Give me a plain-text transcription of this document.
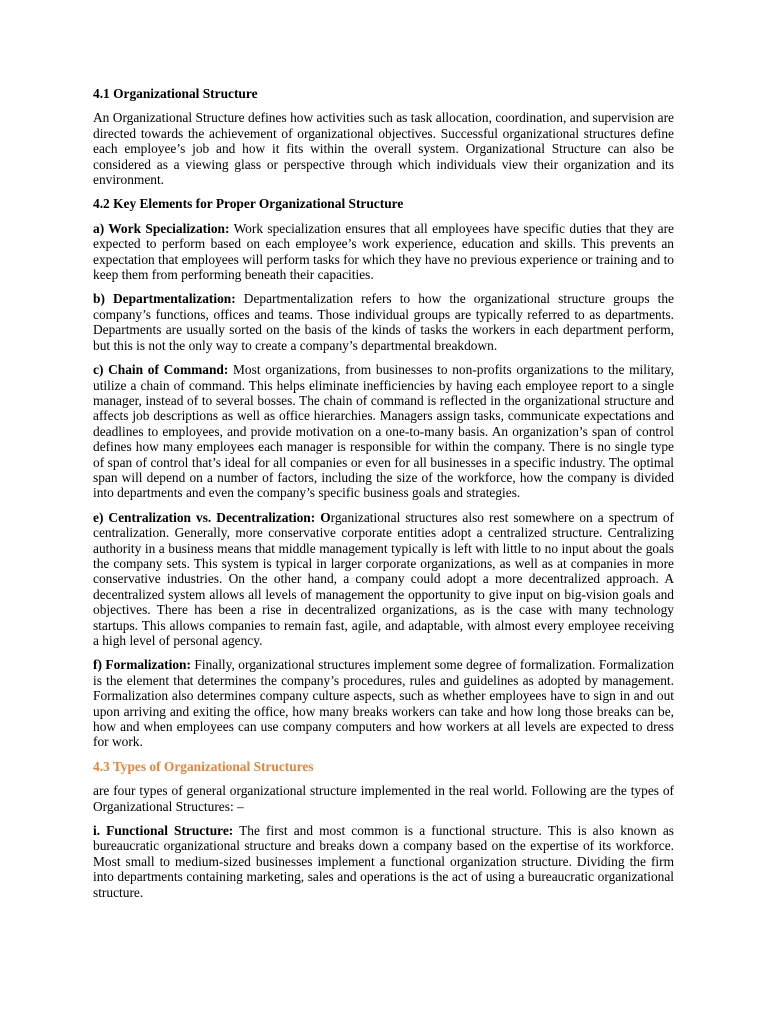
4.1 Organizational Structure

An Organizational Structure defines how activities such as task allocation, coordination, and supervision are directed towards the achievement of organizational objectives. Successful organizational structures define each employee’s job and how it fits within the overall system. Organizational Structure can also be considered as a viewing glass or perspective through which individuals view their organization and its environment.

4.2 Key Elements for Proper Organizational Structure

a) Work Specialization: Work specialization ensures that all employees have specific duties that they are expected to perform based on each employee’s work experience, education and skills. This prevents an expectation that employees will perform tasks for which they have no previous experience or training and to keep them from performing beneath their capacities.

b) Departmentalization: Departmentalization refers to how the organizational structure groups the company’s functions, offices and teams. Those individual groups are typically referred to as departments. Departments are usually sorted on the basis of the kinds of tasks the workers in each department perform, but this is not the only way to create a company’s departmental breakdown.

c) Chain of Command: Most organizations, from businesses to non-profits organizations to the military, utilize a chain of command. This helps eliminate inefficiencies by having each employee report to a single manager, instead of to several bosses. The chain of command is reflected in the organizational structure and affects job descriptions as well as office hierarchies. Managers assign tasks, communicate expectations and deadlines to employees, and provide motivation on a one-to-many basis. An organization’s span of control defines how many employees each manager is responsible for within the company. There is no single type of span of control that’s ideal for all companies or even for all businesses in a specific industry. The optimal span will depend on a number of factors, including the size of the workforce, how the company is divided into departments and even the company’s specific business goals and strategies.

e) Centralization vs. Decentralization: Organizational structures also rest somewhere on a spectrum of centralization. Generally, more conservative corporate entities adopt a centralized structure. Centralizing authority in a business means that middle management typically is left with little to no input about the goals the company sets. This system is typical in larger corporate organizations, as well as at companies in more conservative industries. On the other hand, a company could adopt a more decentralized approach. A decentralized system allows all levels of management the opportunity to give input on big-vision goals and objectives. There has been a rise in decentralized organizations, as is the case with many technology startups. This allows companies to remain fast, agile, and adaptable, with almost every employee receiving a high level of personal agency.

f) Formalization: Finally, organizational structures implement some degree of formalization. Formalization is the element that determines the company’s procedures, rules and guidelines as adopted by management. Formalization also determines company culture aspects, such as whether employees have to sign in and out upon arriving and exiting the office, how many breaks workers can take and how long those breaks can be, how and when employees can use company computers and how workers at all levels are expected to dress for work.

4.3 Types of Organizational Structures

are four types of general organizational structure implemented in the real world. Following are the types of Organizational Structures: –

i. Functional Structure: The first and most common is a functional structure. This is also known as bureaucratic organizational structure and breaks down a company based on the expertise of its workforce. Most small to medium-sized businesses implement a functional organization structure. Dividing the firm into departments containing marketing, sales and operations is the act of using a bureaucratic organizational structure.
